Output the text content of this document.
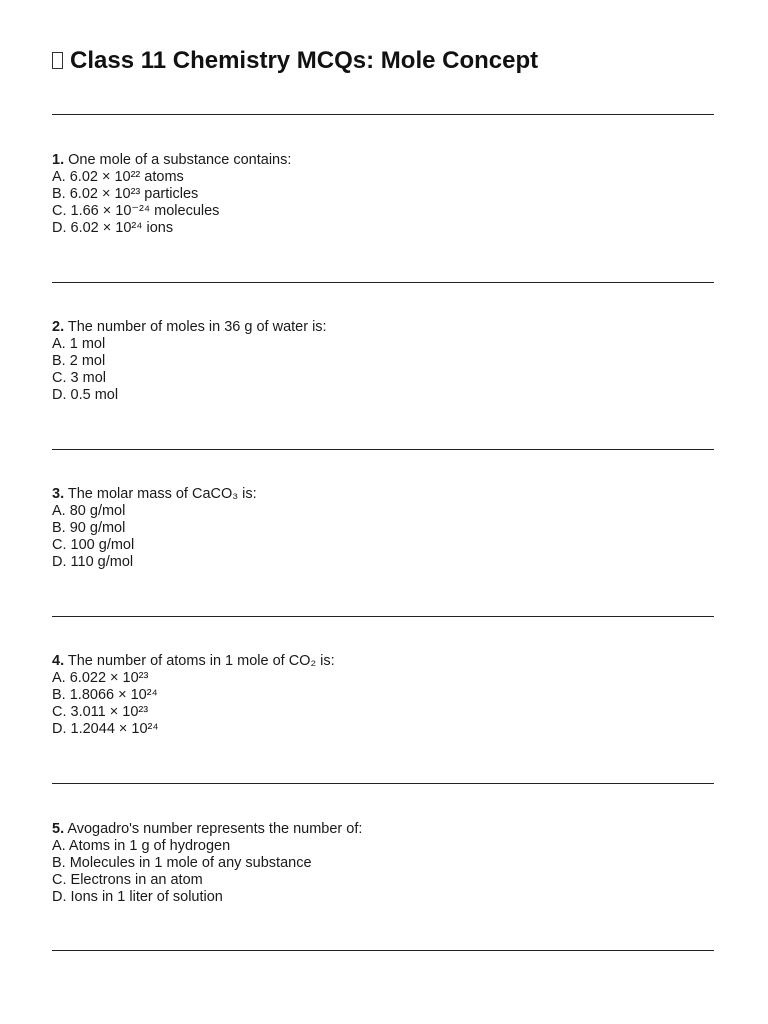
Class 11 Chemistry MCQs: Mole Concept
1. One mole of a substance contains:
A. 6.02 × 10²² atoms
B. 6.02 × 10²³ particles
C. 1.66 × 10⁻²⁴ molecules
D. 6.02 × 10²⁴ ions
2. The number of moles in 36 g of water is:
A. 1 mol
B. 2 mol
C. 3 mol
D. 0.5 mol
3. The molar mass of CaCO₃ is:
A. 80 g/mol
B. 90 g/mol
C. 100 g/mol
D. 110 g/mol
4. The number of atoms in 1 mole of CO₂ is:
A. 6.022 × 10²³
B. 1.8066 × 10²⁴
C. 3.011 × 10²³
D. 1.2044 × 10²⁴
5. Avogadro's number represents the number of:
A. Atoms in 1 g of hydrogen
B. Molecules in 1 mole of any substance
C. Electrons in an atom
D. Ions in 1 liter of solution
